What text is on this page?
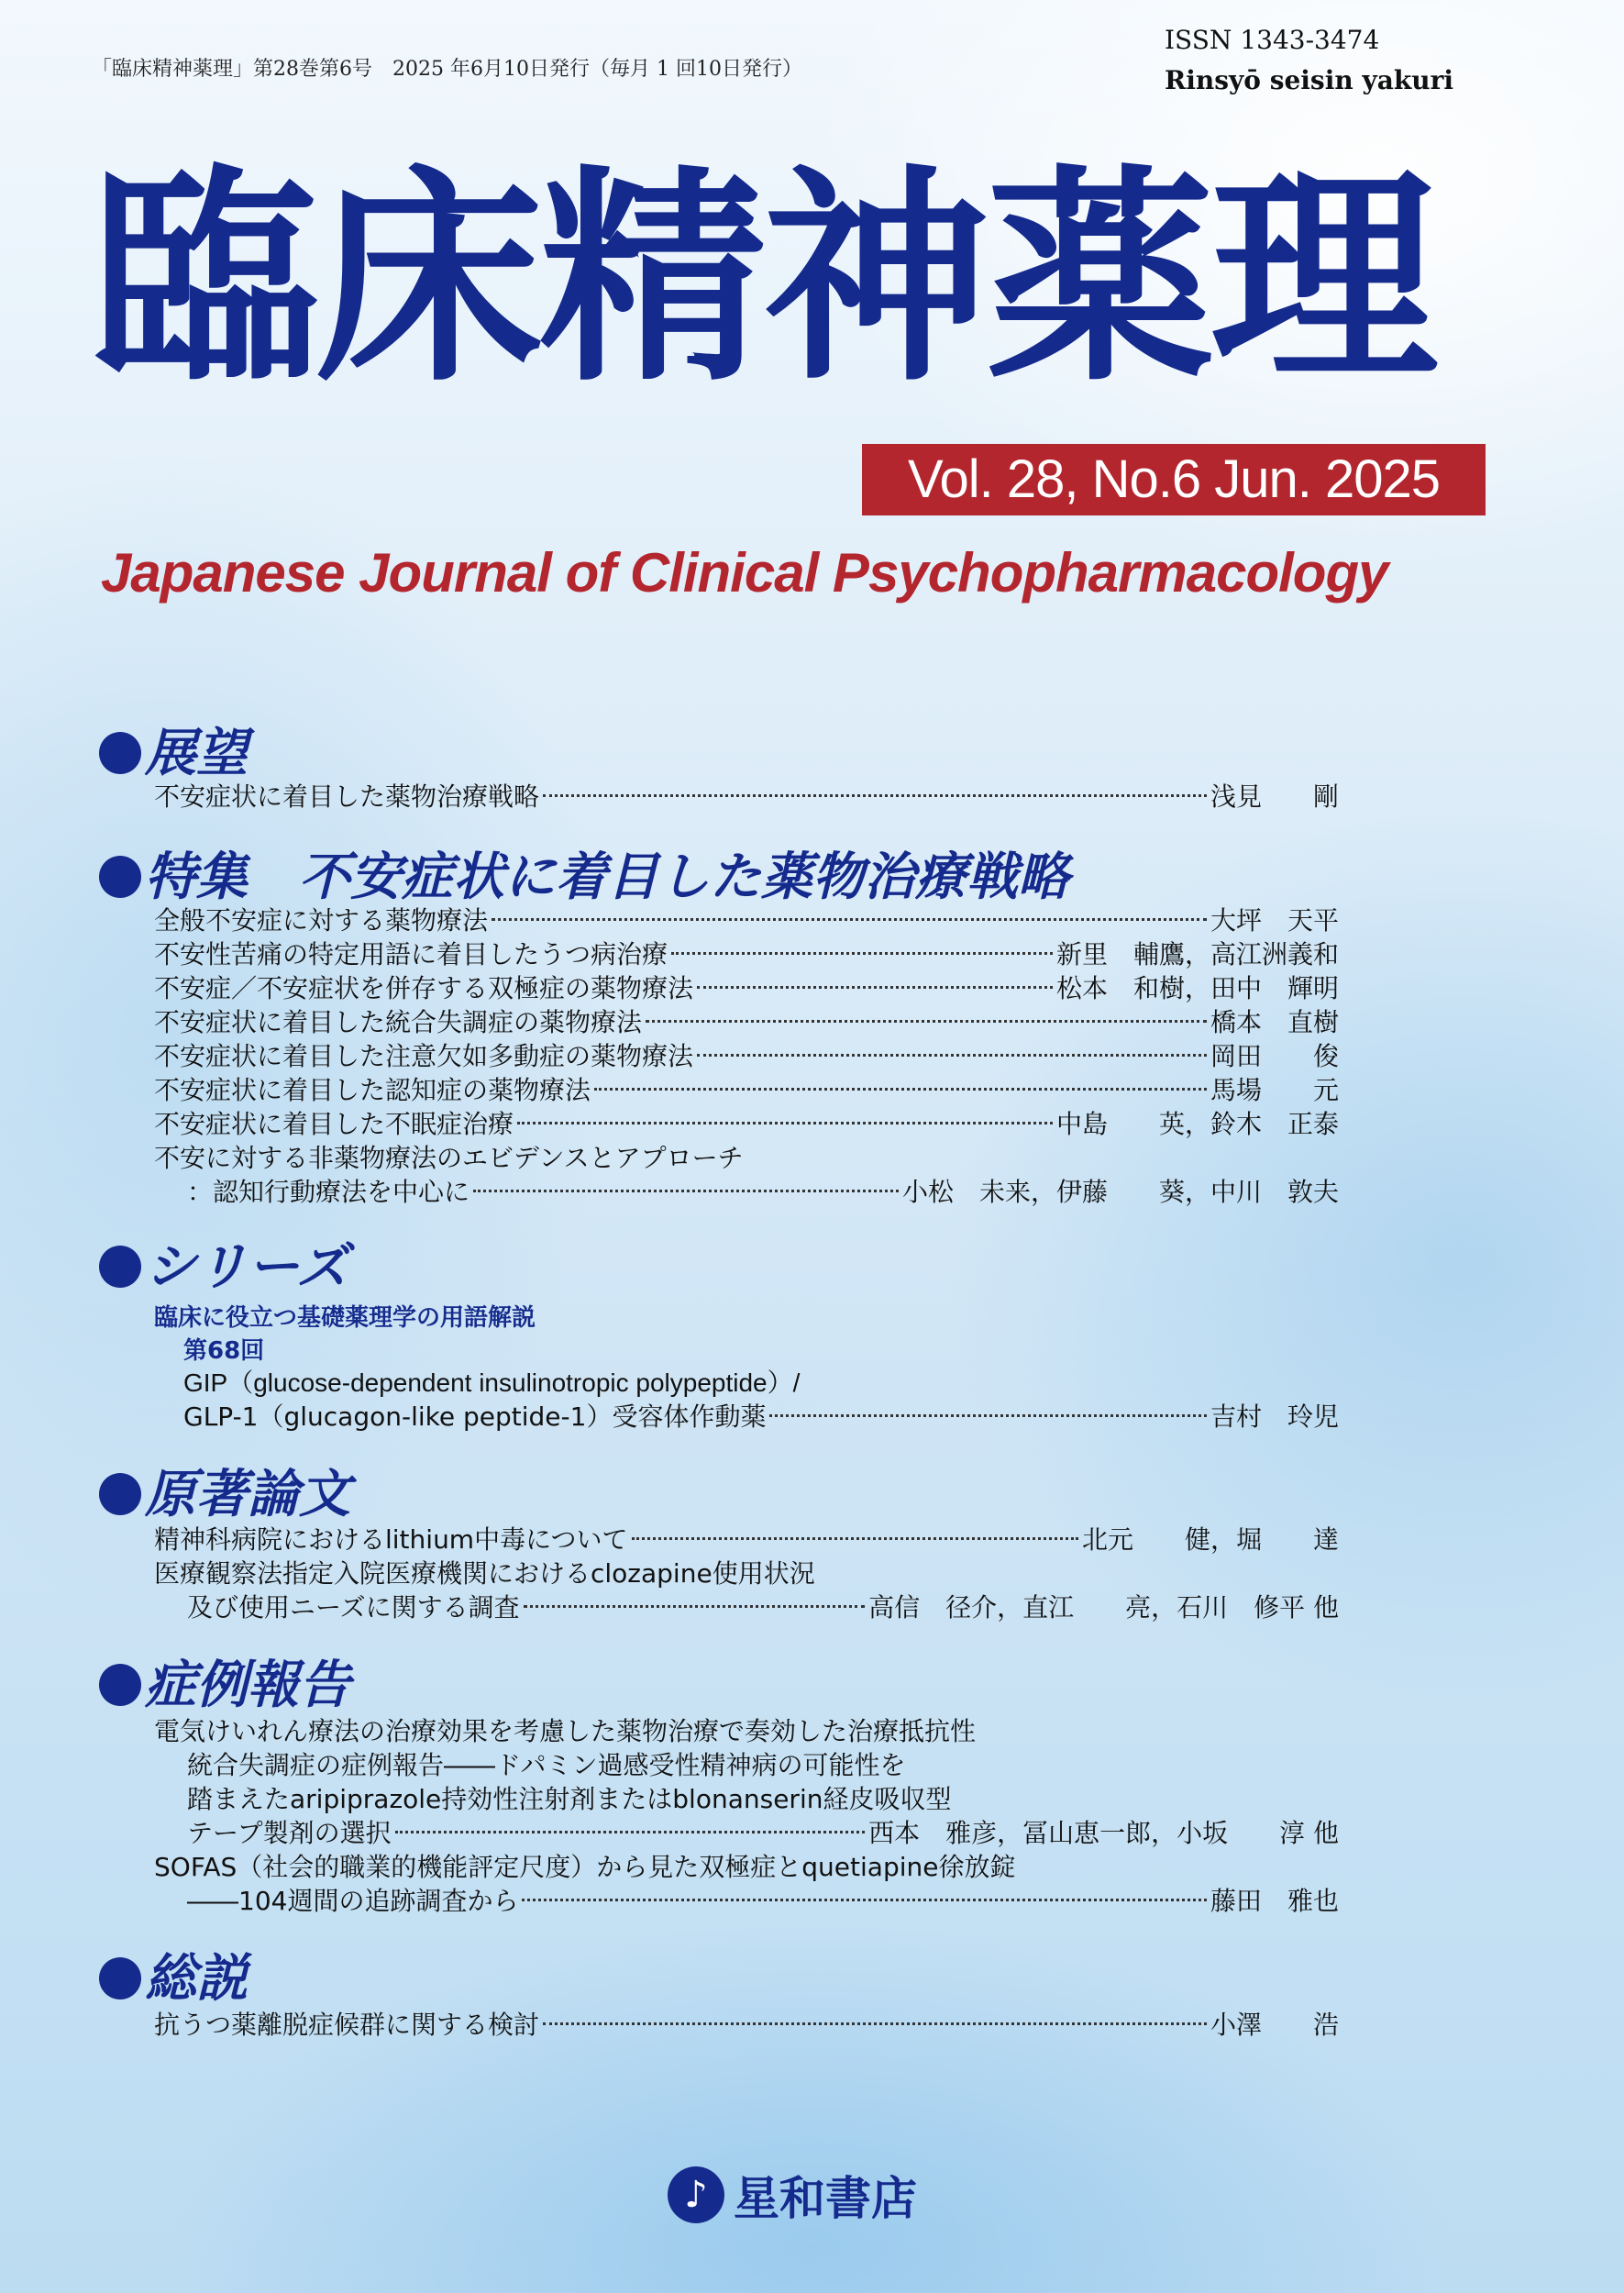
「臨床精神薬理」第28巻第6号　2025 年6月10日発行（毎月 1 回10日発行）
ISSN 1343-3474
Rinsyō seisin yakuri
臨床精神薬理
Vol. 28, No.6 Jun. 2025
Japanese Journal of Clinical Psychopharmacology
展望
不安症状に着目した薬物治療戦略	浅見　　剛
特集　不安症状に着目した薬物治療戦略
全般不安症に対する薬物療法	大坪　天平
不安性苦痛の特定用語に着目したうつ病治療	新里　輔鷹，高江洲義和
不安症／不安症状を併存する双極症の薬物療法	松本　和樹，田中　輝明
不安症状に着目した統合失調症の薬物療法	橋本　直樹
不安症状に着目した注意欠如多動症の薬物療法	岡田　　俊
不安症状に着目した認知症の薬物療法	馬場　　元
不安症状に着目した不眠症治療	中島　　英，鈴木　正泰
不安に対する非薬物療法のエビデンスとアプローチ
：認知行動療法を中心に	小松　未来，伊藤　　葵，中川　敦夫
シリーズ
臨床に役立つ基礎薬理学の用語解説
第68回
GIP（glucose-dependent insulinotropic polypeptide）/
GLP-1（glucagon-like peptide-1）受容体作動薬	吉村　玲児
原著論文
精神科病院におけるlithium中毒について	北元　　健，堀　　達
医療観察法指定入院医療機関におけるclozapine使用状況
及び使用ニーズに関する調査	高信　径介，直江　　亮，石川　修平 他
症例報告
電気けいれん療法の治療効果を考慮した薬物治療で奏効した治療抵抗性
統合失調症の症例報告――ドパミン過感受性精神病の可能性を
踏まえたaripiprazole持効性注射剤またはblonanserin経皮吸収型
テープ製剤の選択	西本　雅彦，冨山恵一郎，小坂　　淳 他
SOFAS（社会的職業的機能評定尺度）から見た双極症とquetiapine徐放錠
――104週間の追跡調査から	藤田　雅也
総説
抗うつ薬離脱症候群に関する検討	小澤　　浩
♪ 星和書店
